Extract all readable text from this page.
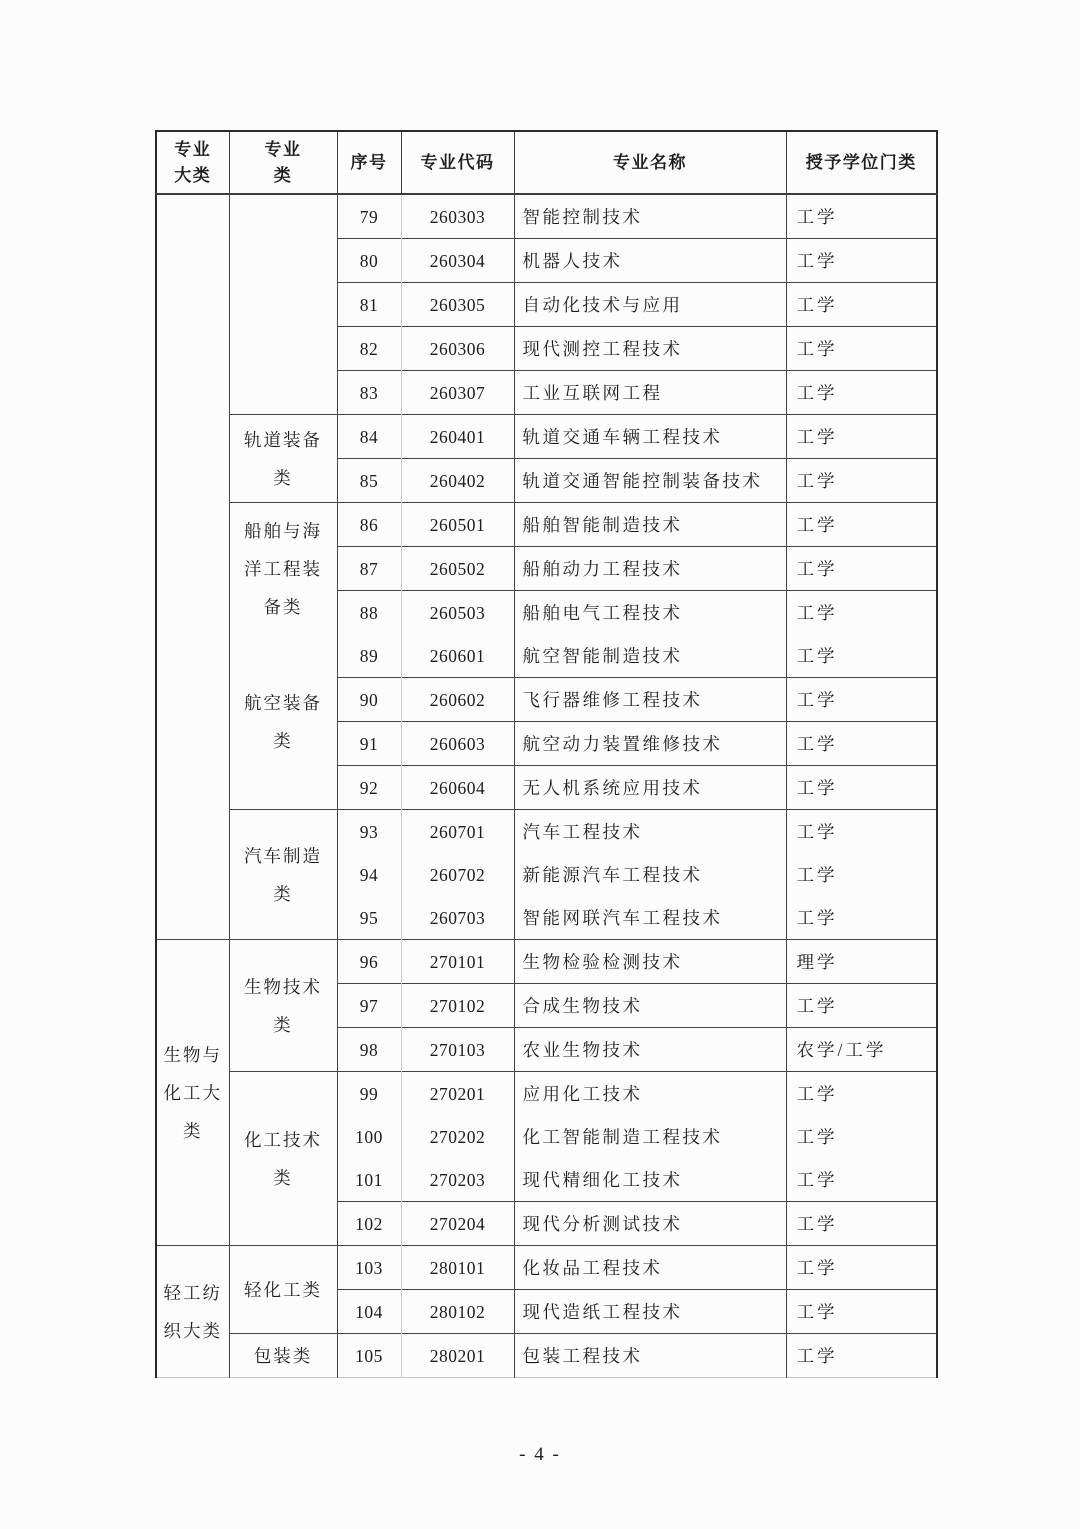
专业
大类	专业
类	序号	专业代码	专业名称	授予学位门类
		79	260303	智能控制技术	工学
		80	260304	机器人技术	工学
		81	260305	自动化技术与应用	工学
		82	260306	现代测控工程技术	工学
		83	260307	工业互联网工程	工学
	轨道装备类	84	260401	轨道交通车辆工程技术	工学
		85	260402	轨道交通智能控制装备技术	工学
	船舶与海洋工程装备类	86	260501	船舶智能制造技术	工学
		87	260502	船舶动力工程技术	工学
		88	260503	船舶电气工程技术	工学
	航空装备类	89	260601	航空智能制造技术	工学
		90	260602	飞行器维修工程技术	工学
		91	260603	航空动力装置维修技术	工学
		92	260604	无人机系统应用技术	工学
	汽车制造类	93	260701	汽车工程技术	工学
		94	260702	新能源汽车工程技术	工学
		95	260703	智能网联汽车工程技术	工学
生物与化工大类	生物技术类	96	270101	生物检验检测技术	理学
		97	270102	合成生物技术	工学
		98	270103	农业生物技术	农学/工学
	化工技术类	99	270201	应用化工技术	工学
		100	270202	化工智能制造工程技术	工学
		101	270203	现代精细化工技术	工学
		102	270204	现代分析测试技术	工学
轻工纺织大类	轻化工类	103	280101	化妆品工程技术	工学
		104	280102	现代造纸工程技术	工学
	包装类	105	280201	包装工程技术	工学
- 4 -
